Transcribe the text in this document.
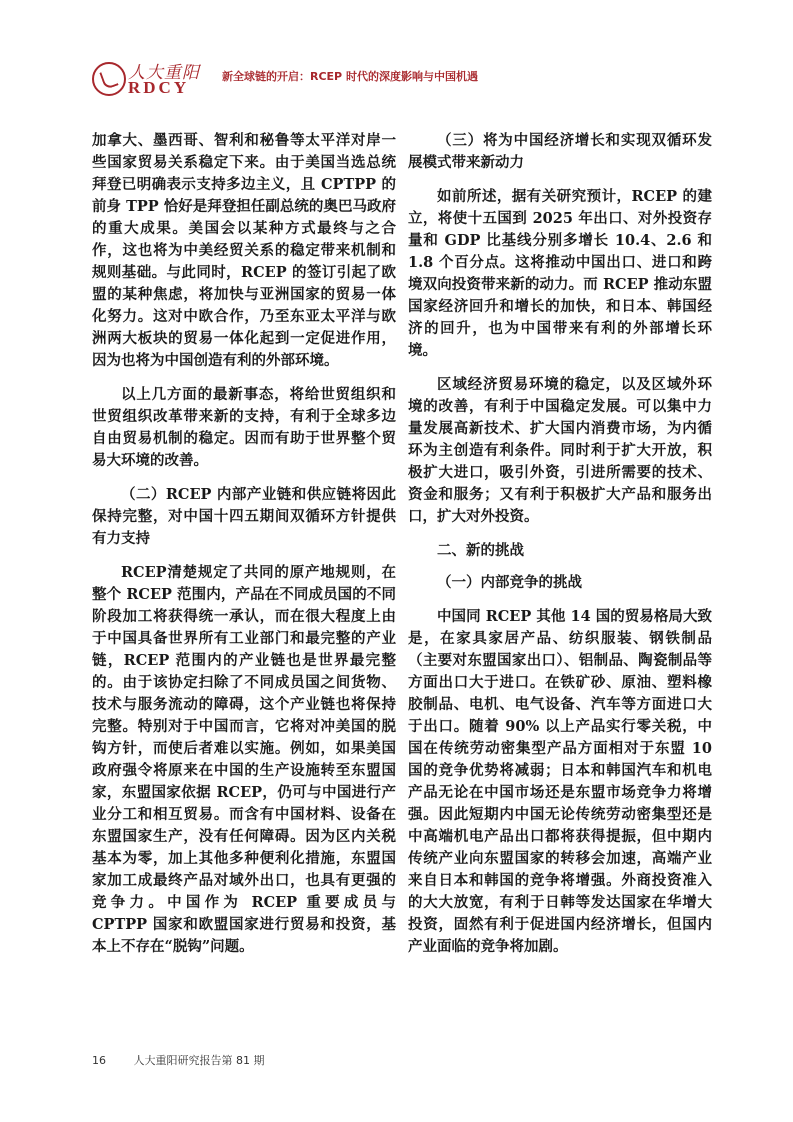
人大重阳
RDCY
新全球链的开启：RCEP 时代的深度影响与中国机遇

加拿大、墨西哥、智利和秘鲁等太平洋对岸一些国家贸易关系稳定下来。由于美国当选总统拜登已明确表示支持多边主义，且 CPTPP 的前身 TPP 恰好是拜登担任副总统的奥巴马政府的重大成果。美国会以某种方式最终与之合作，这也将为中美经贸关系的稳定带来机制和规则基础。与此同时，RCEP 的签订引起了欧盟的某种焦虑，将加快与亚洲国家的贸易一体化努力。这对中欧合作，乃至东亚太平洋与欧洲两大板块的贸易一体化起到一定促进作用，因为也将为中国创造有利的外部环境。

以上几方面的最新事态，将给世贸组织和世贸组织改革带来新的支持，有利于全球多边自由贸易机制的稳定。因而有助于世界整个贸易大环境的改善。

（二）RCEP 内部产业链和供应链将因此保持完整，对中国十四五期间双循环方针提供有力支持

RCEP清楚规定了共同的原产地规则，在整个 RCEP 范围内，产品在不同成员国的不同阶段加工将获得统一承认，而在很大程度上由于中国具备世界所有工业部门和最完整的产业链，RCEP 范围内的产业链也是世界最完整的。由于该协定扫除了不同成员国之间货物、技术与服务流动的障碍，这个产业链也将保持完整。特别对于中国而言，它将对冲美国的脱钩方针，而使后者难以实施。例如，如果美国政府强令将原来在中国的生产设施转至东盟国家，东盟国家依据 RCEP，仍可与中国进行产业分工和相互贸易。而含有中国材料、设备在东盟国家生产，没有任何障碍。因为区内关税基本为零，加上其他多种便利化措施，东盟国家加工成最终产品对域外出口，也具有更强的竞争力。中国作为 RCEP 重要成员与 CPTPP 国家和欧盟国家进行贸易和投资，基本上不存在“脱钩”问题。

（三）将为中国经济增长和实现双循环发展模式带来新动力

如前所述，据有关研究预计，RCEP 的建立，将使十五国到 2025 年出口、对外投资存量和 GDP 比基线分别多增长 10.4、2.6 和 1.8 个百分点。这将推动中国出口、进口和跨境双向投资带来新的动力。而 RCEP 推动东盟国家经济回升和增长的加快，和日本、韩国经济的回升，也为中国带来有利的外部增长环境。

区域经济贸易环境的稳定，以及区域外环境的改善，有利于中国稳定发展。可以集中力量发展高新技术、扩大国内消费市场，为内循环为主创造有利条件。同时利于扩大开放，积极扩大进口，吸引外资，引进所需要的技术、资金和服务；又有利于积极扩大产品和服务出口，扩大对外投资。

二、新的挑战
（一）内部竞争的挑战

中国同 RCEP 其他 14 国的贸易格局大致是，在家具家居产品、纺织服装、钢铁制品（主要对东盟国家出口）、铝制品、陶瓷制品等方面出口大于进口。在铁矿砂、原油、塑料橡胶制品、电机、电气设备、汽车等方面进口大于出口。随着 90% 以上产品实行零关税，中国在传统劳动密集型产品方面相对于东盟 10 国的竞争优势将减弱；日本和韩国汽车和机电产品无论在中国市场还是东盟市场竞争力将增强。因此短期内中国无论传统劳动密集型还是中高端机电产品出口都将获得提振，但中期内传统产业向东盟国家的转移会加速，高端产业来自日本和韩国的竞争将增强。外商投资准入的大大放宽，有利于日韩等发达国家在华增大投资，固然有利于促进国内经济增长，但国内产业面临的竞争将加剧。

16	人大重阳研究报告第 81 期
